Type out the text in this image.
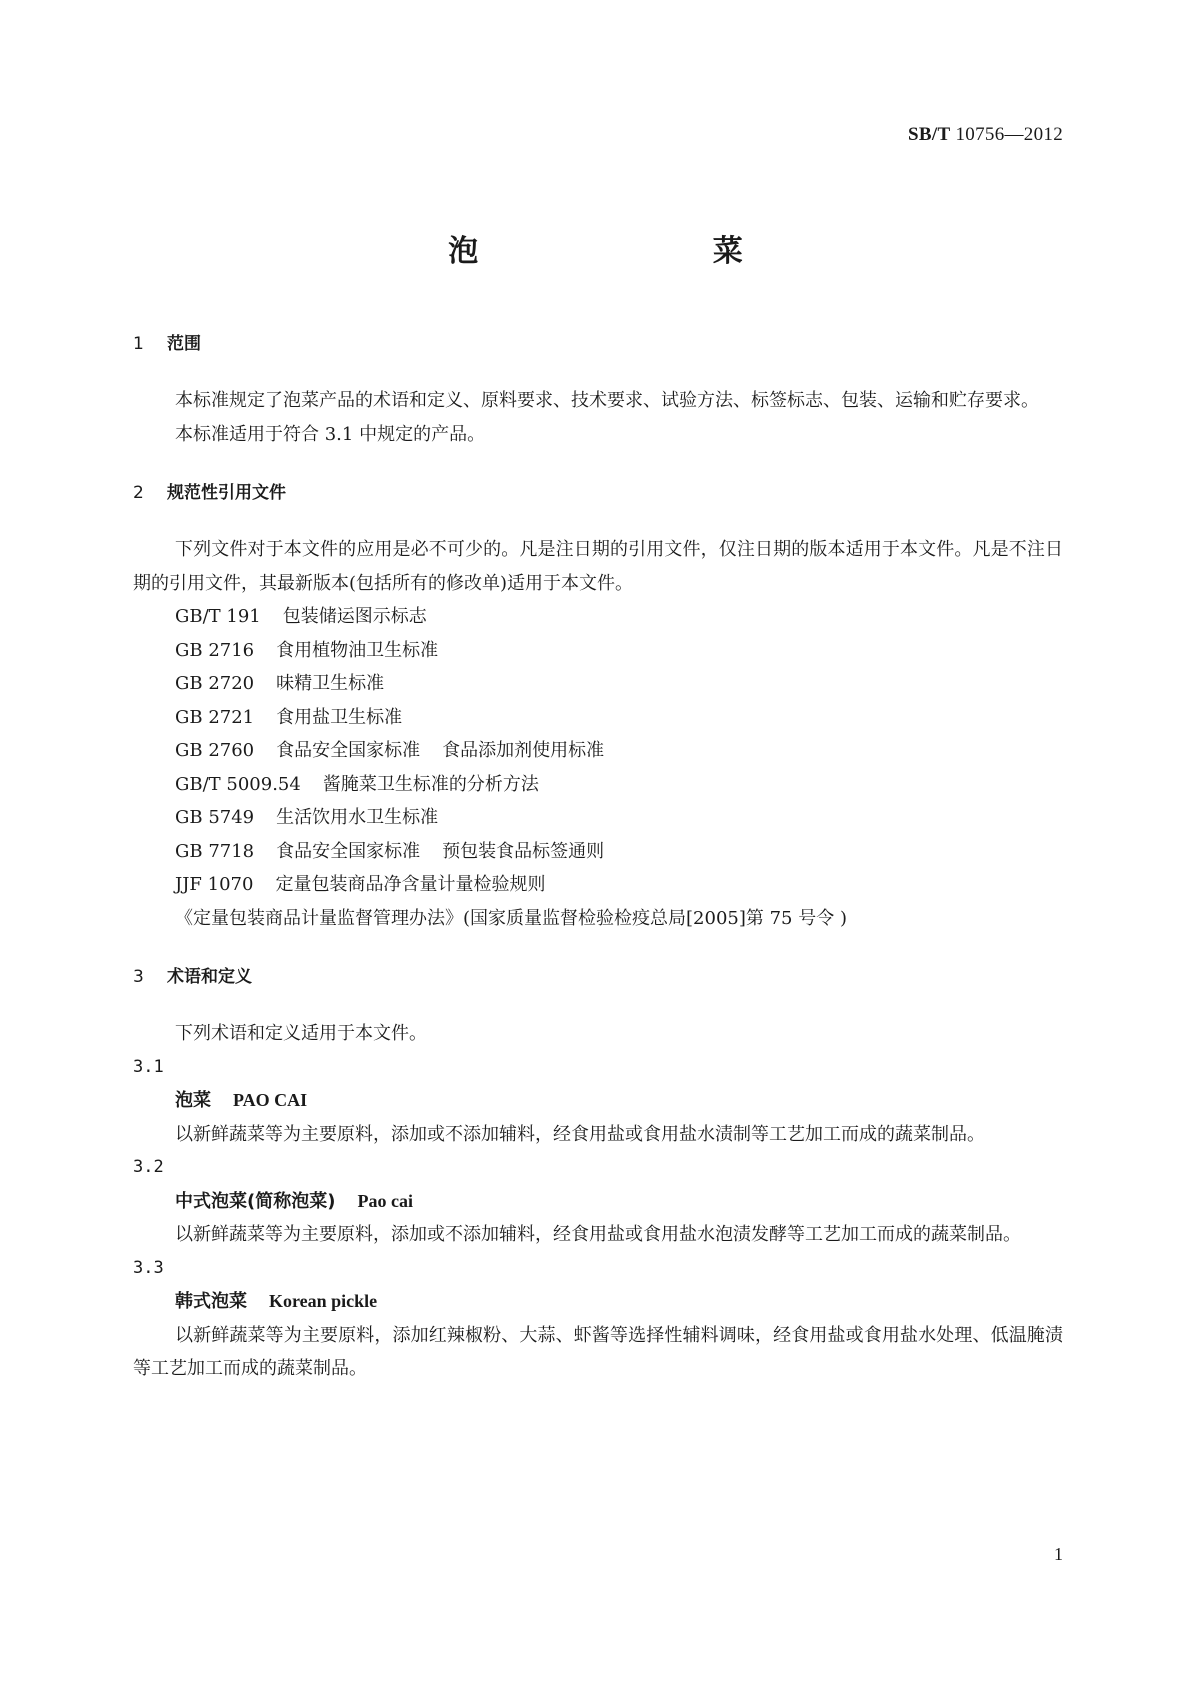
SB/T 10756—2012
泡 菜
1 范围

本标准规定了泡菜产品的术语和定义、原料要求、技术要求、试验方法、标签标志、包装、运输和贮存要求。

本标准适用于符合 3.1 中规定的产品。

2 规范性引用文件

下列文件对于本文件的应用是必不可少的。凡是注日期的引用文件，仅注日期的版本适用于本文件。凡是不注日期的引用文件，其最新版本(包括所有的修改单)适用于本文件。

GB/T 191 包装储运图示标志
GB 2716 食用植物油卫生标准
GB 2720 味精卫生标准
GB 2721 食用盐卫生标准
GB 2760 食品安全国家标准 食品添加剂使用标准
GB/T 5009.54 酱腌菜卫生标准的分析方法
GB 5749 生活饮用水卫生标准
GB 7718 食品安全国家标准 预包装食品标签通则
JJF 1070 定量包装商品净含量计量检验规则
《定量包装商品计量监督管理办法》(国家质量监督检验检疫总局[2005]第 75 号令 )
3 术语和定义

下列术语和定义适用于本文件。

3.1
泡菜 PAO CAI

以新鲜蔬菜等为主要原料，添加或不添加辅料，经食用盐或食用盐水渍制等工艺加工而成的蔬菜制品。

3.2
中式泡菜(简称泡菜) Pao cai

以新鲜蔬菜等为主要原料，添加或不添加辅料，经食用盐或食用盐水泡渍发酵等工艺加工而成的蔬菜制品。

3.3
韩式泡菜 Korean pickle

以新鲜蔬菜等为主要原料，添加红辣椒粉、大蒜、虾酱等选择性辅料调味，经食用盐或食用盐水处理、低温腌渍等工艺加工而成的蔬菜制品。

1
